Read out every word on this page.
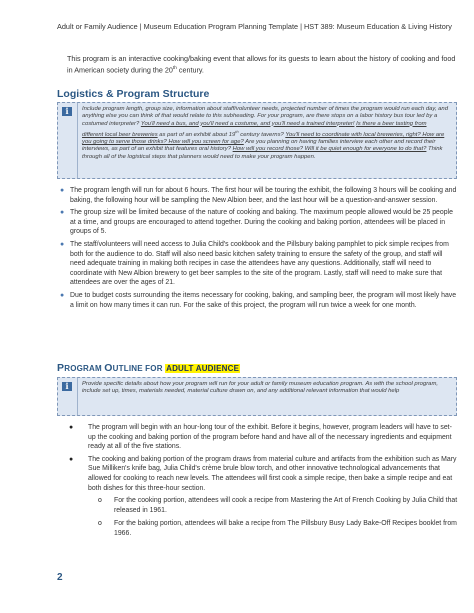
Adult or Family Audience | Museum Education Program Planning Template | HST 389: Museum Education & Living History

This program is an interactive cooking/baking event that allows for its guests to learn about the history of cooking and food in American society during the 20th century.

Logistics & Program Structure
i	Include program length, group size, information about staff/volunteer needs, projected number of times the program would run each day, and anything else you can think of that would relate to this subheading. For your program, are there stops on a labor history bus tour led by a costumed interpreter? You'll need a bus, and you'll need a costume, and you'll need a trained interpreter! Is there a beer tasting from different local beer breweries as part of an exhibit about 19th century taverns? You'll need to coordinate with local breweries, right? How are you going to serve those drinks? How will you screen for age? Are you planning on having families interview each other and record their interviews, as part of an exhibit that features oral history? How will you record those? Will it be quiet enough for everyone to do that? Think through all of the logistical steps that planners would need to make your program happen.
● The program length will run for about 6 hours. The first hour will be touring the exhibit, the following 3 hours will be cooking and baking, the following hour will be sampling the New Albion beer, and the last hour will be a question-and-answer session.
● The group size will be limited because of the nature of cooking and baking. The maximum people allowed would be 25 people at a time, and groups are encouraged to attend together. During the cooking and baking portion, attendees will be placed in groups of 5.
● The staff/volunteers will need access to Julia Child's cookbook and the Pillsbury baking pamphlet to pick simple recipes from both for the audience to do. Staff will also need basic kitchen safety training to ensure the safety of the group, and staff will need adequate training in making both recipes in case the attendees have any questions. Additionally, staff will need to coordinate with New Albion brewery to get beer samples to the site of the program. Lastly, staff will need to make sure that attendees are over the ages of 21.
● Due to budget costs surrounding the items necessary for cooking, baking, and sampling beer, the program will most likely have a limit on how many times it can run. For the sake of this project, the program will run twice a week for one month.
PROGRAM OUTLINE FOR ADULT AUDIENCE
i	Provide specific details about how your program will run for your adult or family museum education program. As with the school program, include set up, times, materials needed, material culture drawn on, and any additional relevant information that would help
● The program will begin with an hour-long tour of the exhibit. Before it begins, however, program leaders will have to set-up the cooking and baking portion of the program before hand and have all of the necessary ingredients and equipment ready at all of the five stations.
● The cooking and baking portion of the program draws from material culture and artifacts from the exhibition such as Mary Sue Milliken's knife bag, Julia Child's crème brule blow torch, and other innovative technological advancements that allowed for cooking to reach new levels. The attendees will first cook a simple recipe, then bake a simple recipe and eat both dishes for this three-hour section.
o For the cooking portion, attendees will cook a recipe from Mastering the Art of French Cooking by Julia Child that released in 1961.
o For the baking portion, attendees will bake a recipe from The Pillsbury Busy Lady Bake-Off Recipes booklet from 1966.
2
